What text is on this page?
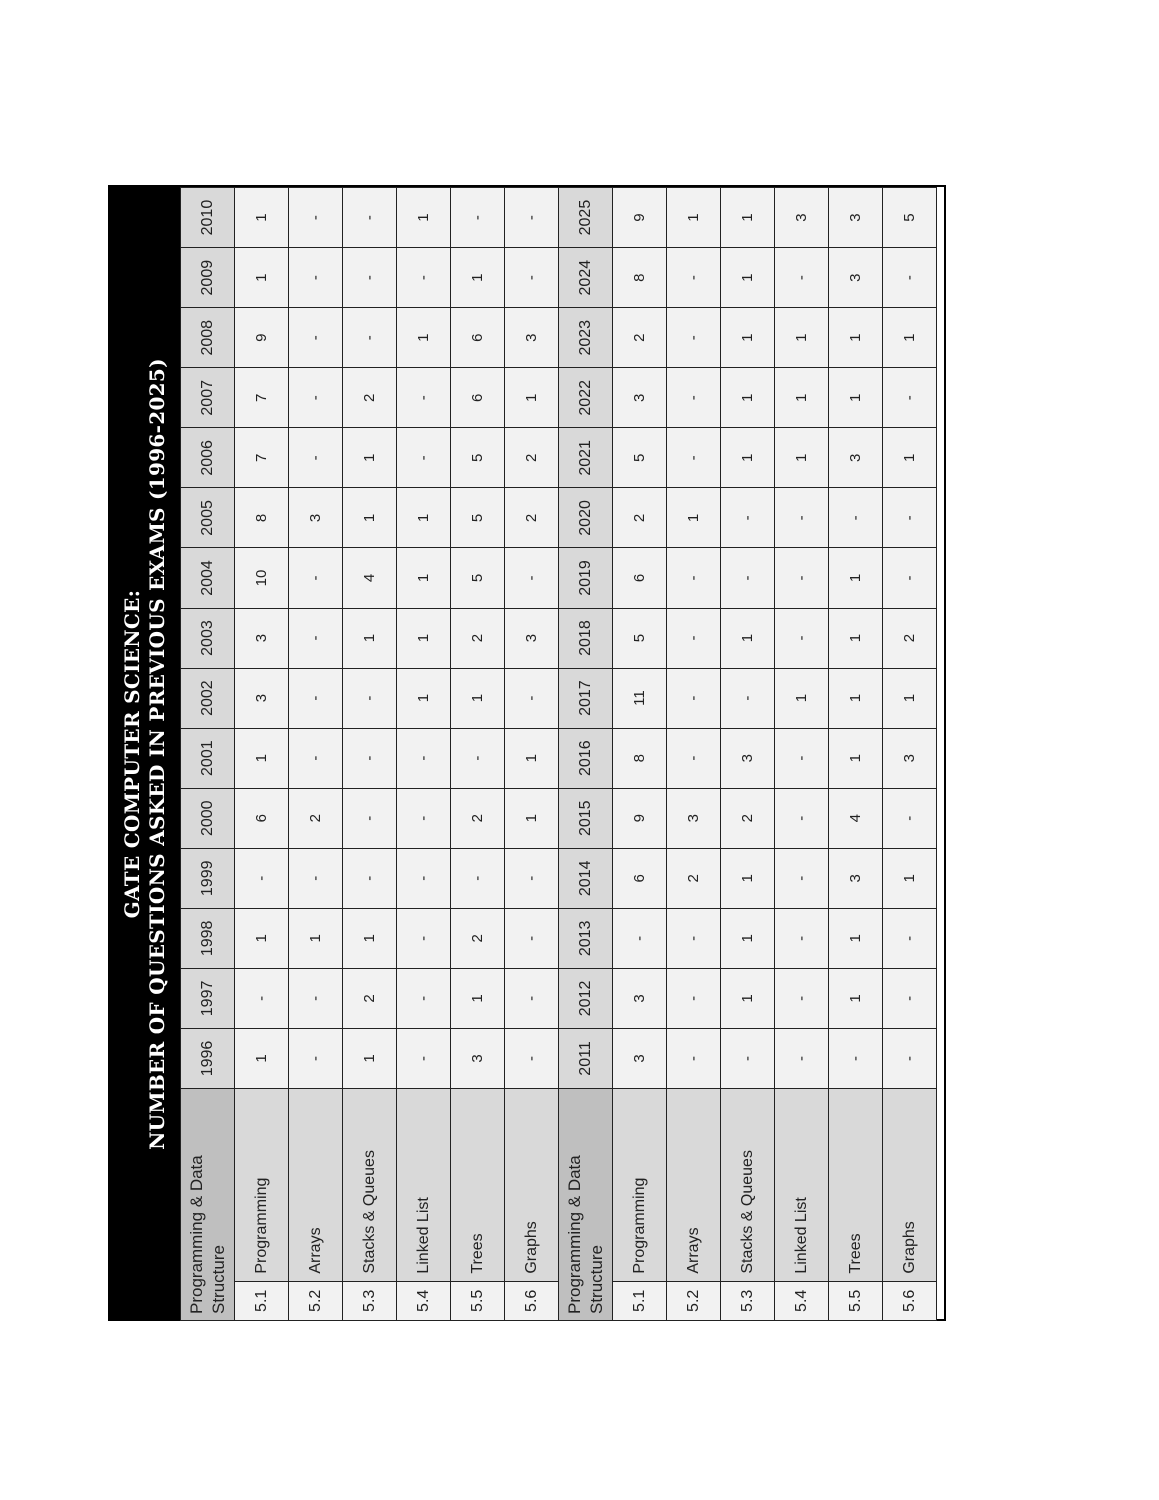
GATE COMPUTER SCIENCE: NUMBER OF QUESTIONS ASKED IN PREVIOUS EXAMS (1996-2025)
Programming & Data Structure		1996	1997	1998	1999	2000	2001	2002	2003	2004	2005	2006	2007	2008	2009	2010
5.1	Programming	1	-	1	-	6	1	3	3	10	8	7	7	9	1	1
5.2	Arrays	-	-	1	-	2	-	-	-	-	3	-	-	-	-	-
5.3	Stacks & Queues	1	2	1	-	-	-	-	1	4	1	1	2	-	-	-
5.4	Linked List	-	-	-	-	-	-	1	1	1	1	-	-	1	-	1
5.5	Trees	3	1	2	-	2	-	1	2	5	5	5	6	6	1	-
5.6	Graphs	-	-	-	-	1	1	-	3	-	2	2	1	3	-	-
Programming & Data Structure		2011	2012	2013	2014	2015	2016	2017	2018	2019	2020	2021	2022	2023	2024	2025
5.1	Programming	3	3	-	6	9	8	11	5	6	2	5	3	2	8	9
5.2	Arrays	-	-	-	2	3	-	-	-	-	1	-	-	-	-	1
5.3	Stacks & Queues	-	1	1	1	2	3	-	1	-	-	1	1	1	1	1
5.4	Linked List	-	-	-	-	-	-	1	-	-	-	1	1	1	-	3
5.5	Trees	-	1	1	3	4	1	1	1	1	-	3	1	1	3	3
5.6	Graphs	-	-	-	1	-	3	1	2	-	-	1	-	1	-	5
